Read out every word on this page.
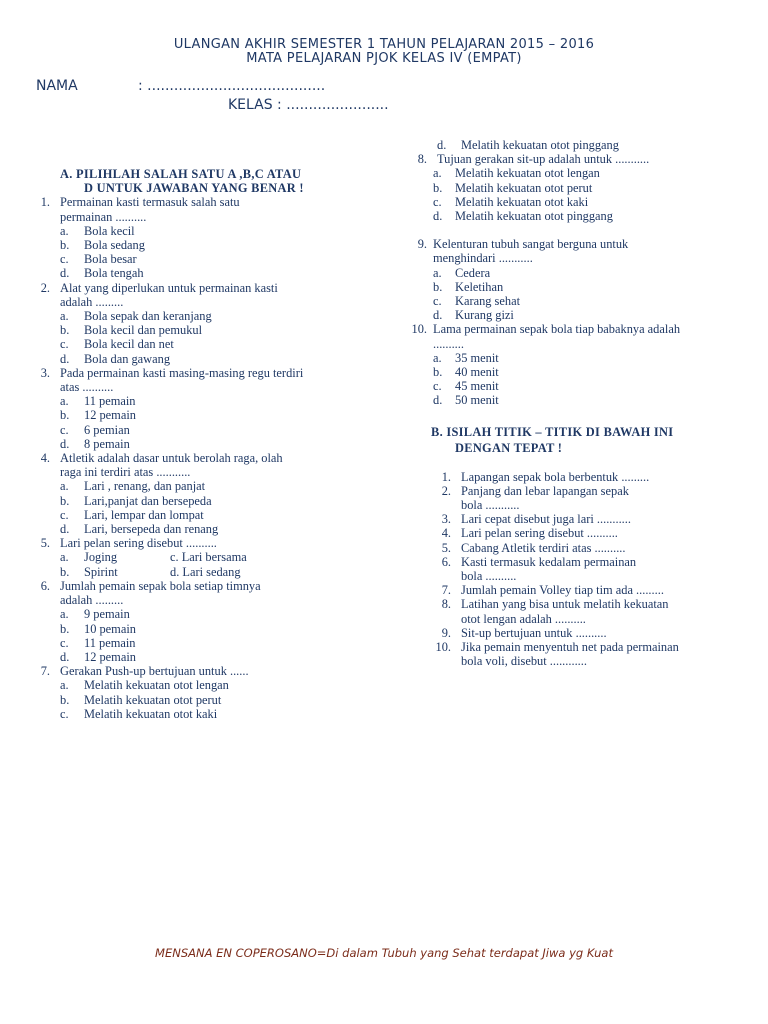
ULANGAN AKHIR SEMESTER 1 TAHUN PELAJARAN 2015 – 2016
MATA PELAJARAN PJOK KELAS IV (EMPAT)
NAMA	: ........................................
KELAS : .......................
A. PILIHLAH SALAH SATU A ,B,C ATAU
D UNTUK JAWABAN YANG BENAR !
1. Permainan kasti termasuk salah satu
permainan ..........
a. Bola kecil
b. Bola sedang
c. Bola besar
d. Bola tengah
2. Alat yang diperlukan untuk permainan kasti
adalah .........
a. Bola sepak dan keranjang
b. Bola kecil dan pemukul
c. Bola kecil dan net
d. Bola dan gawang
3. Pada permainan kasti masing-masing regu terdiri
atas ..........
a. 11 pemain
b. 12 pemain
c. 6 pemian
d. 8 pemain
4. Atletik adalah dasar untuk berolah raga, olah
raga ini terdiri atas ...........
a. Lari , renang, dan panjat
b. Lari,panjat dan bersepeda
c. Lari, lempar dan lompat
d. Lari, bersepeda dan renang
5. Lari pelan sering disebut ..........
a. Joging	c. Lari bersama
b. Spirint	d. Lari sedang
6. Jumlah pemain sepak bola setiap timnya
adalah .........
a. 9 pemain
b. 10 pemain
c. 11 pemain
d. 12 pemain
7. Gerakan Push-up bertujuan untuk ......
a. Melatih kekuatan otot lengan
b. Melatih kekuatan otot perut
c. Melatih kekuatan otot kaki
d. Melatih kekuatan otot pinggang
8. Tujuan gerakan sit-up adalah untuk ...........
a. Melatih kekuatan otot lengan
b. Melatih kekuatan otot perut
c. Melatih kekuatan otot kaki
d. Melatih kekuatan otot pinggang
9. Kelenturan tubuh sangat berguna untuk
menghindari ...........
a. Cedera
b. Keletihan
c. Karang sehat
d. Kurang gizi
10. Lama permainan sepak bola tiap babaknya adalah
..........
a. 35 menit
b. 40 menit
c. 45 menit
d. 50 menit
B. ISILAH TITIK – TITIK DI BAWAH INI
DENGAN TEPAT !
1. Lapangan sepak bola berbentuk .........
2. Panjang dan lebar lapangan sepak
bola ...........
3. Lari cepat disebut juga lari ...........
4. Lari pelan sering disebut ..........
5. Cabang Atletik terdiri atas ..........
6. Kasti termasuk kedalam permainan
bola ..........
7. Jumlah pemain Volley tiap tim ada .........
8. Latihan yang bisa untuk melatih kekuatan
otot lengan adalah ..........
9. Sit-up bertujuan untuk ..........
10. Jika pemain menyentuh net pada permainan
bola voli, disebut ............
MENSANA EN COPEROSANO=Di dalam Tubuh yang Sehat terdapat Jiwa yg Kuat
